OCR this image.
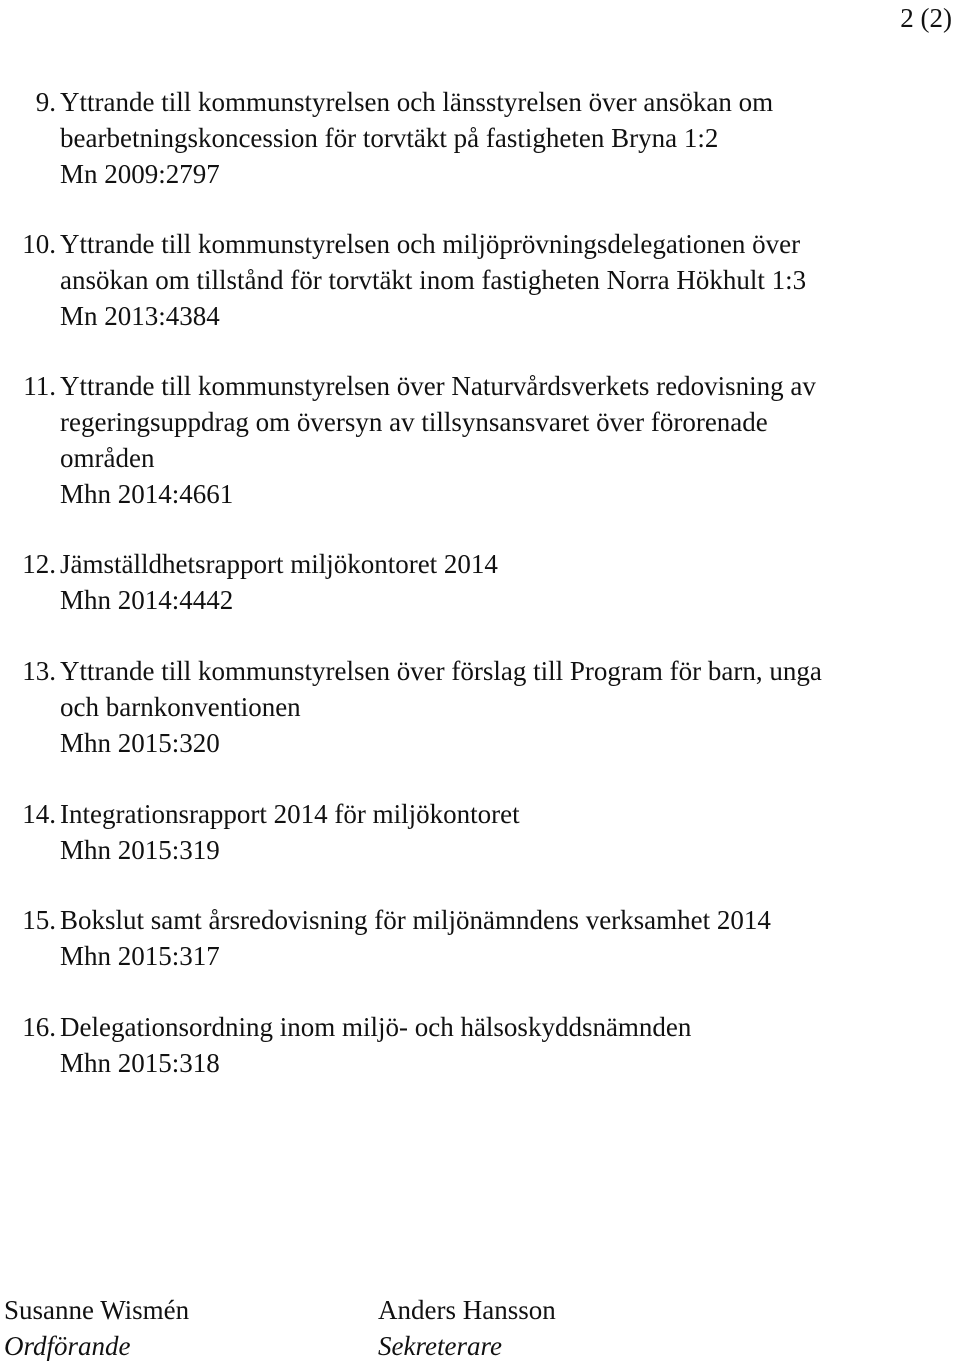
2 (2)
9. Yttrande till kommunstyrelsen och länsstyrelsen över ansökan om
bearbetningskoncession för torvtäkt på fastigheten Bryna 1:2
Mn 2009:2797
10. Yttrande till kommunstyrelsen och miljöprövningsdelegationen över
ansökan om tillstånd för torvtäkt inom fastigheten Norra Hökhult 1:3
Mn 2013:4384
11. Yttrande till kommunstyrelsen över Naturvårdsverkets redovisning av
regeringsuppdrag om översyn av tillsynsansvaret över förorenade
områden
Mhn 2014:4661
12. Jämställdhetsrapport miljökontoret 2014
Mhn 2014:4442
13. Yttrande till kommunstyrelsen över förslag till Program för barn, unga
och barnkonventionen
Mhn 2015:320
14. Integrationsrapport 2014 för miljökontoret
Mhn 2015:319
15. Bokslut samt årsredovisning för miljönämndens verksamhet 2014
Mhn 2015:317
16. Delegationsordning inom miljö- och hälsoskyddsnämnden
Mhn 2015:318
Susanne Wismén
Ordförande
Anders Hansson
Sekreterare
